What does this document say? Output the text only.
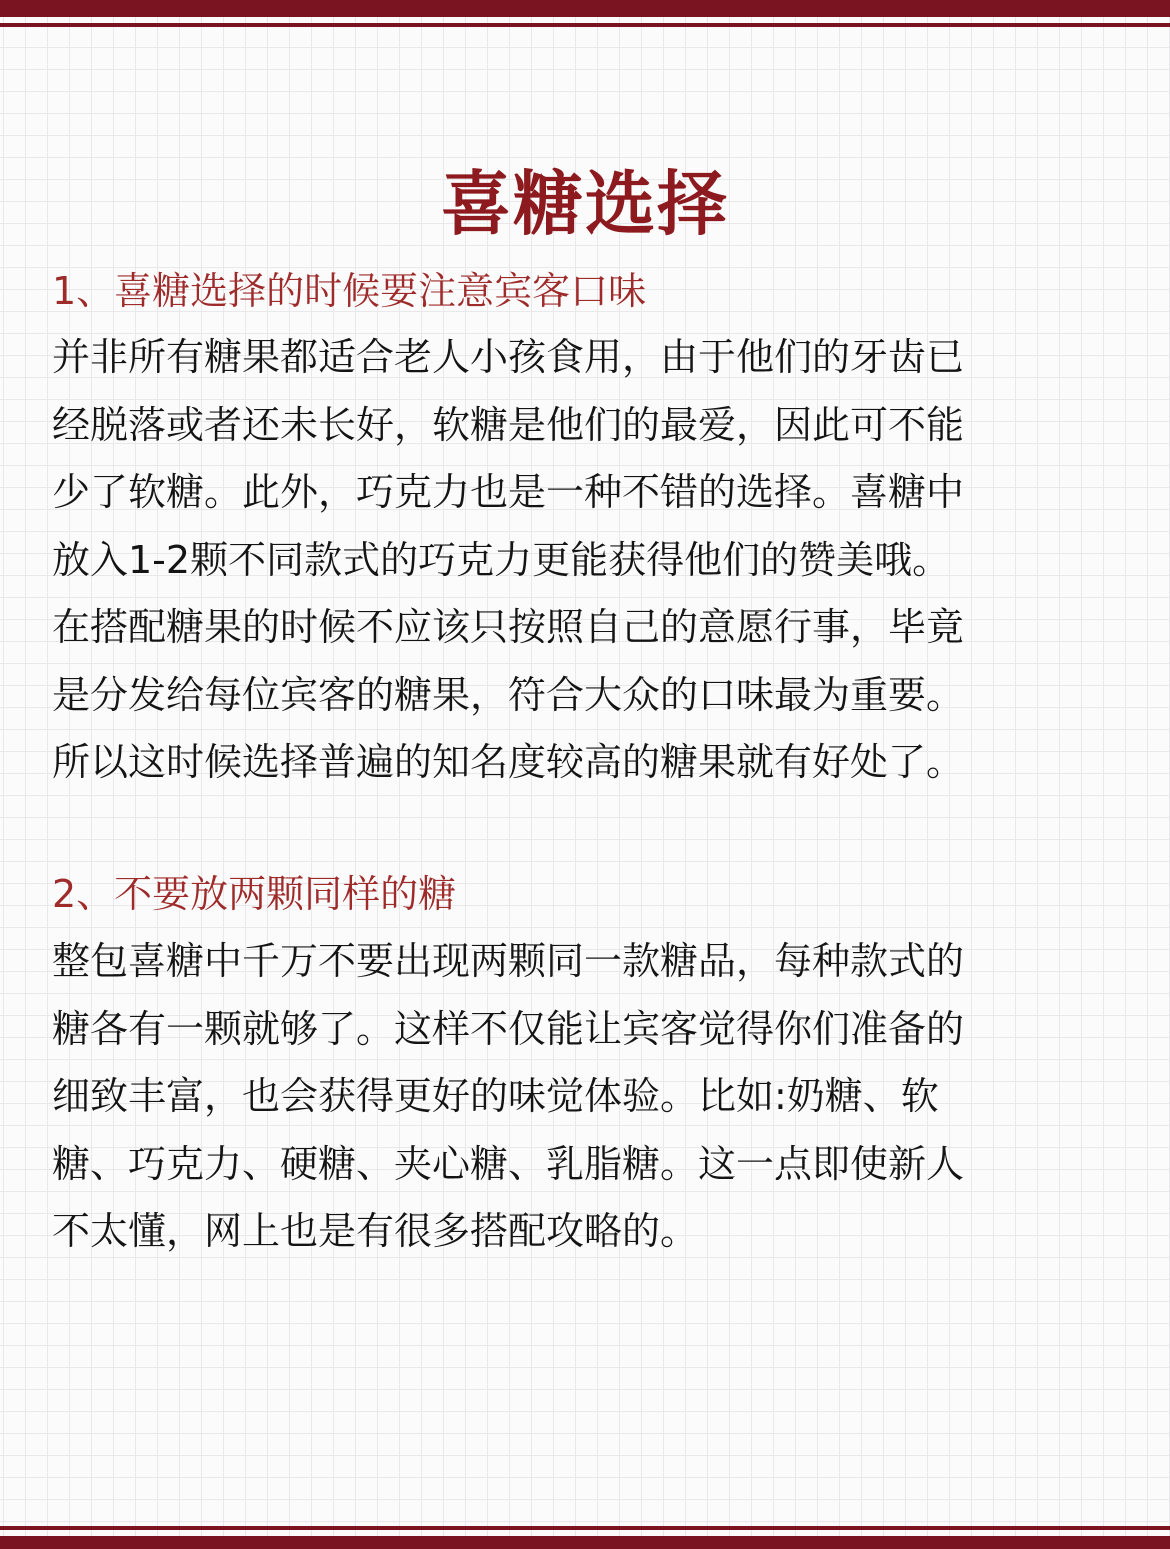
喜糖选择
1、喜糖选择的时候要注意宾客口味
并非所有糖果都适合老人小孩食用，由于他们的牙齿已
经脱落或者还未长好，软糖是他们的最爱，因此可不能
少了软糖。此外，巧克力也是一种不错的选择。喜糖中
放入1-2颗不同款式的巧克力更能获得他们的赞美哦。
在搭配糖果的时候不应该只按照自己的意愿行事，毕竟
是分发给每位宾客的糖果，符合大众的口味最为重要。
所以这时候选择普遍的知名度较高的糖果就有好处了。
2、不要放两颗同样的糖
整包喜糖中千万不要出现两颗同一款糖品，每种款式的
糖各有一颗就够了。这样不仅能让宾客觉得你们准备的
细致丰富，也会获得更好的味觉体验。比如:奶糖、软
糖、巧克力、硬糖、夹心糖、乳脂糖。这一点即使新人
不太懂，网上也是有很多搭配攻略的。
